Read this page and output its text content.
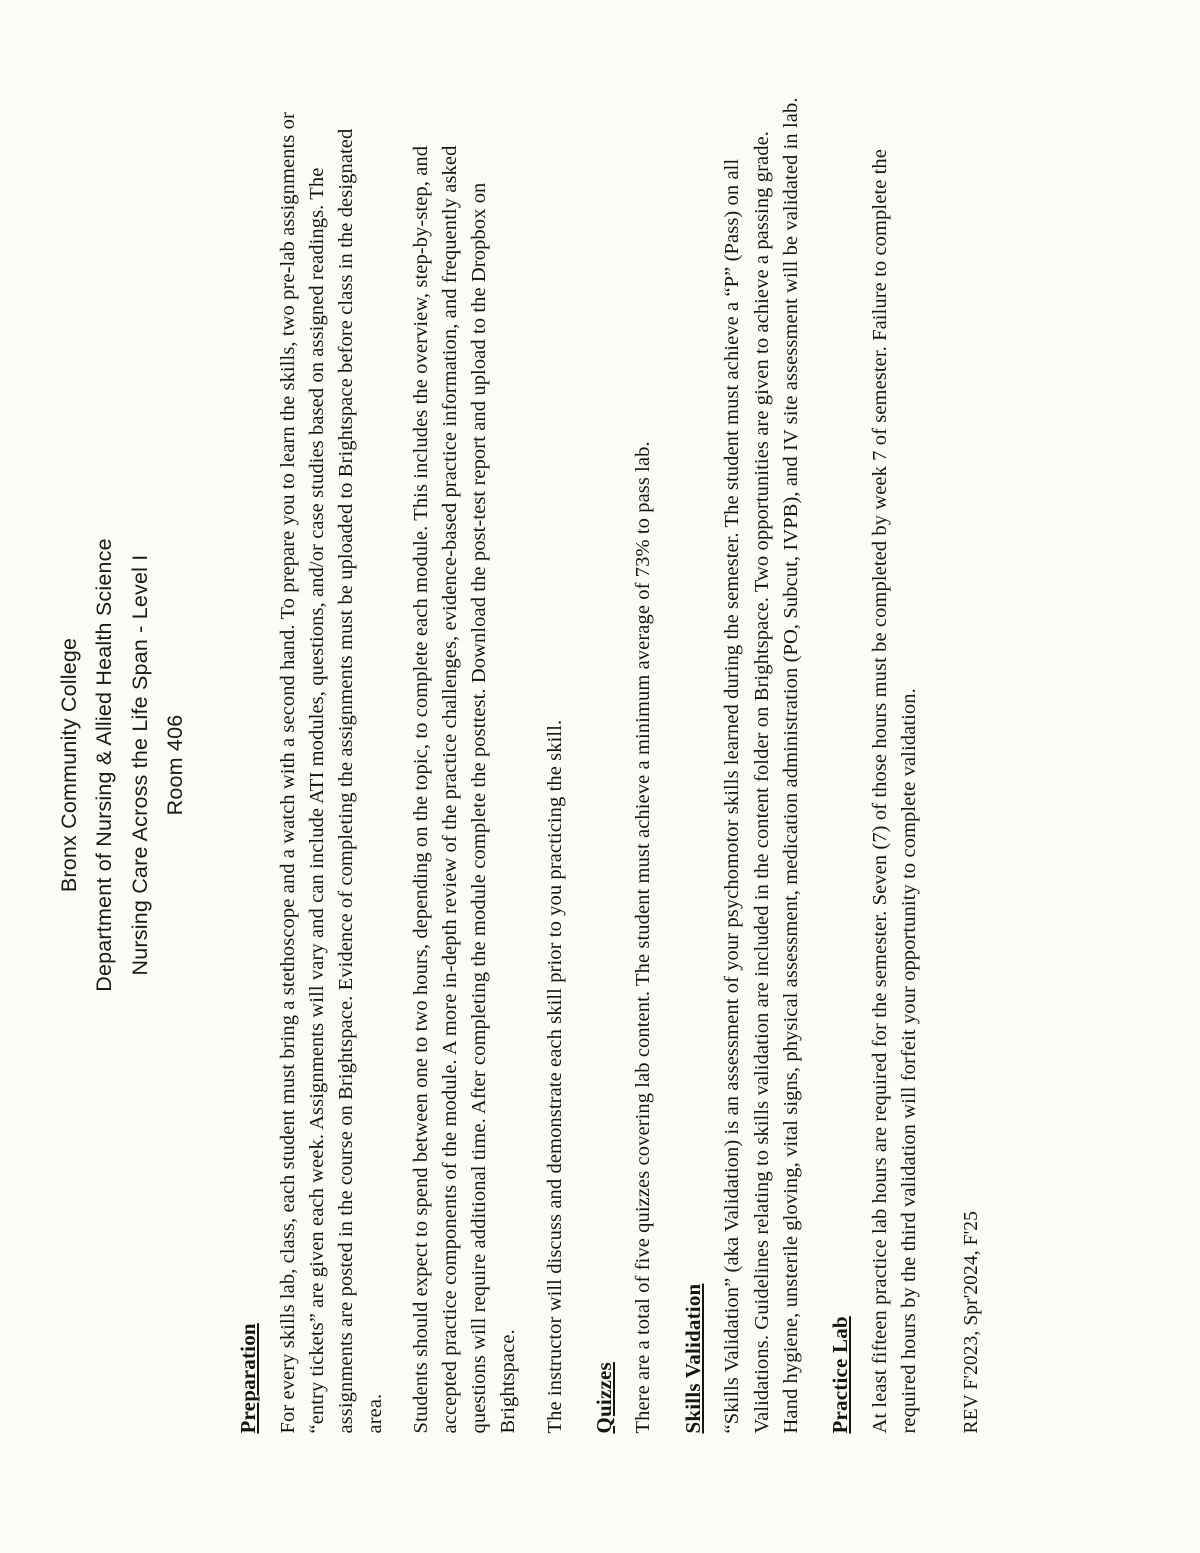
Bronx Community College Department of Nursing & Allied Health Science Nursing Care Across the Life Span - Level I Room 406
Preparation For every skills lab, class, each student must bring a stethoscope and a watch with a second hand. To prepare you to learn the skills, two pre-lab assignments or “entry tickets” are given each week. Assignments will vary and can include ATI modules, questions, and/or case studies based on assigned readings. The assignments are posted in the course on Brightspace. Evidence of completing the assignments must be uploaded to Brightspace before class in the designated area. Students should expect to spend between one to two hours, depending on the topic, to complete each module. This includes the overview, step-by-step, and accepted practice components of the module. A more in-depth review of the practice challenges, evidence-based practice information, and frequently asked questions will require additional time. After completing the module complete the posttest. Download the post-test report and upload to the Dropbox on Brightspace. The instructor will discuss and demonstrate each skill prior to you practicing the skill. Quizzes There are a total of five quizzes covering lab content. The student must achieve a minimum average of 73% to pass lab. Skills Validation “Skills Validation” (aka Validation) is an assessment of your psychomotor skills learned during the semester. The student must achieve a “P” (Pass) on all Validations. Guidelines relating to skills validation are included in the content folder on Brightspace. Two opportunities are given to achieve a passing grade. Hand hygiene, unsterile gloving, vital signs, physical assessment, medication administration (PO, Subcut, IVPB), and IV site assessment will be validated in lab. Practice Lab At least fifteen practice lab hours are required for the semester. Seven (7) of those hours must be completed by week 7 of semester. Failure to complete the required hours by the third validation will forfeit your opportunity to complete validation. REV F'2023, Spr'2024, F'25
